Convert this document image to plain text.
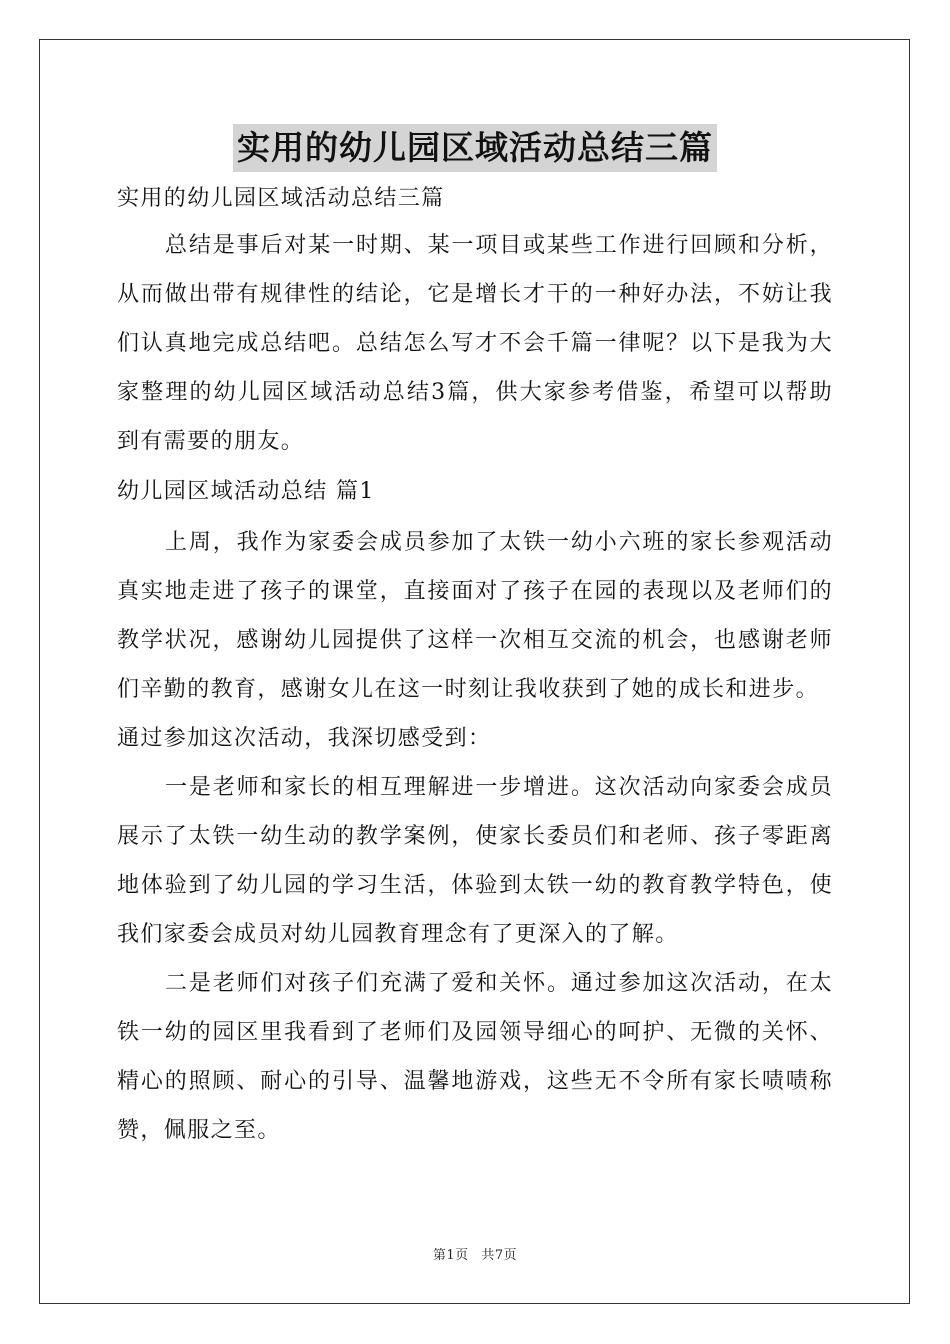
实用的幼儿园区域活动总结三篇

实用的幼儿园区域活动总结三篇

总结是事后对某一时期、某一项目或某些工作进行回顾和分析，从而做出带有规律性的结论，它是增长才干的一种好办法，不妨让我们认真地完成总结吧。总结怎么写才不会千篇一律呢？以下是我为大家整理的幼儿园区域活动总结3篇，供大家参考借鉴，希望可以帮助到有需要的朋友。

幼儿园区域活动总结 篇1

上周，我作为家委会成员参加了太铁一幼小六班的家长参观活动真实地走进了孩子的课堂，直接面对了孩子在园的表现以及老师们的教学状况，感谢幼儿园提供了这样一次相互交流的机会，也感谢老师们辛勤的教育，感谢女儿在这一时刻让我收获到了她的成长和进步。

通过参加这次活动，我深切感受到：

一是老师和家长的相互理解进一步增进。这次活动向家委会成员展示了太铁一幼生动的教学案例，使家长委员们和老师、孩子零距离地体验到了幼儿园的学习生活，体验到太铁一幼的教育教学特色，使我们家委会成员对幼儿园教育理念有了更深入的了解。

二是老师们对孩子们充满了爱和关怀。通过参加这次活动，在太铁一幼的园区里我看到了老师们及园领导细心的呵护、无微的关怀、精心的照顾、耐心的引导、温馨地游戏，这些无不令所有家长啧啧称赞，佩服之至。

第1页 共7页
